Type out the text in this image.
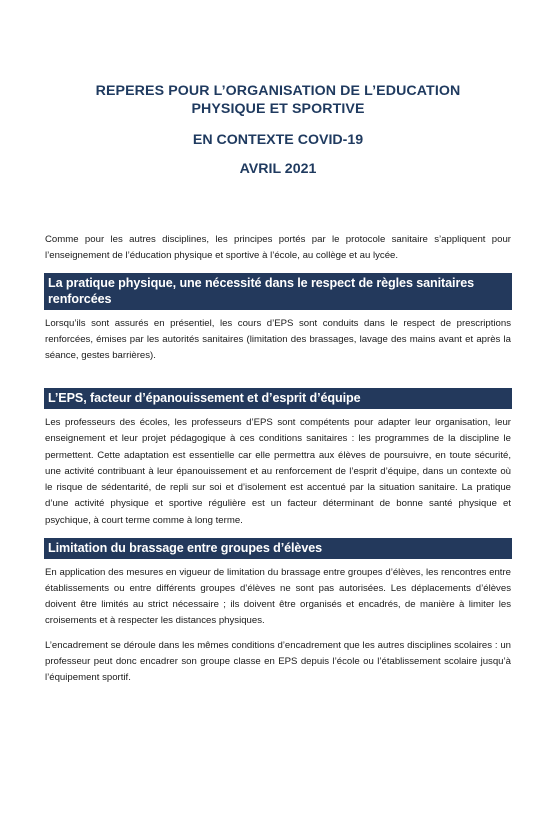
REPERES POUR L’ORGANISATION DE L’EDUCATION

PHYSIQUE ET SPORTIVE

EN CONTEXTE COVID-19

AVRIL 2021

Comme pour les autres disciplines, les principes portés par le protocole sanitaire s’appliquent pour l’enseignement de l’éducation physique et sportive à l’école, au collège et au lycée.

La pratique physique, une nécessité dans le respect de règles sanitaires renforcées

Lorsqu’ils sont assurés en présentiel, les cours d’EPS sont conduits dans le respect de prescriptions renforcées, émises par les autorités sanitaires (limitation des brassages, lavage des mains avant et après la séance, gestes barrières).

L’EPS, facteur d’épanouissement et d’esprit d’équipe

Les professeurs des écoles, les professeurs d’EPS sont compétents pour adapter leur organisation, leur enseignement et leur projet pédagogique à ces conditions sanitaires : les programmes de la discipline le permettent. Cette adaptation est essentielle car elle permettra aux élèves de poursuivre, en toute sécurité, une activité contribuant à leur épanouissement et au renforcement de l’esprit d’équipe, dans un contexte où le risque de sédentarité, de repli sur soi et d’isolement est accentué par la situation sanitaire. La pratique d’une activité physique et sportive régulière est un facteur déterminant de bonne santé physique et psychique, à court terme comme à long terme.

Limitation du brassage entre groupes d’élèves

En application des mesures en vigueur de limitation du brassage entre groupes d’élèves, les rencontres entre établissements ou entre différents groupes d’élèves ne sont pas autorisées. Les déplacements d’élèves doivent être limités au strict nécessaire ; ils doivent être organisés et encadrés, de manière à limiter les croisements et à respecter les distances physiques.

L’encadrement se déroule dans les mêmes conditions d’encadrement que les autres disciplines scolaires : un professeur peut donc encadrer son groupe classe en EPS depuis l’école ou l’établissement scolaire jusqu’à l’équipement sportif.
